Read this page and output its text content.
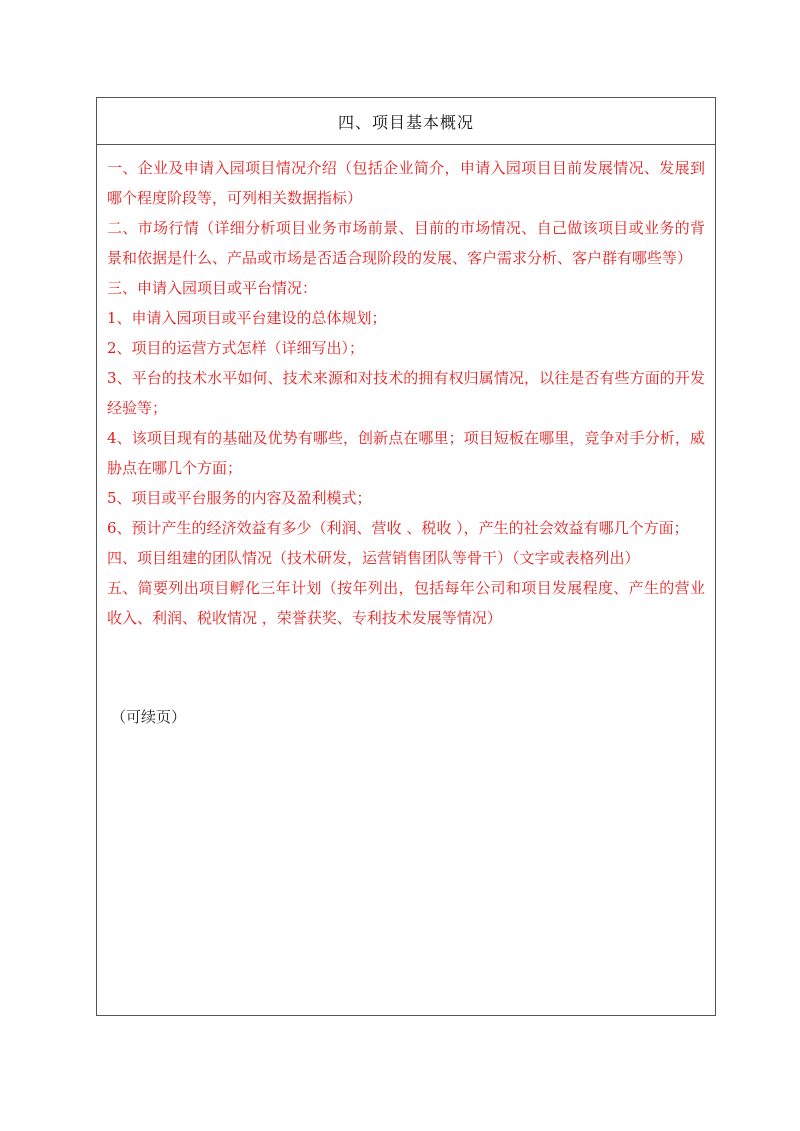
四、项目基本概况

一、企业及申请入园项目情况介绍（包括企业简介，申请入园项目目前发展情况、发展到哪个程度阶段等，可列相关数据指标）

二、市场行情（详细分析项目业务市场前景、目前的市场情况、自己做该项目或业务的背景和依据是什么、产品或市场是否适合现阶段的发展、客户需求分析、客户群有哪些等）

三、申请入园项目或平台情况：

1、申请入园项目或平台建设的总体规划；

2、项目的运营方式怎样（详细写出）；

3、平台的技术水平如何、技术来源和对技术的拥有权归属情况，以往是否有些方面的开发经验等；

4、该项目现有的基础及优势有哪些，创新点在哪里；项目短板在哪里，竞争对手分析，威胁点在哪几个方面；

5、项目或平台服务的内容及盈利模式；

6、预计产生的经济效益有多少（利润、营收 、税收 ），产生的社会效益有哪几个方面；

四、项目组建的团队情况（技术研发，运营销售团队等骨干）（文字或表格列出）

五、简要列出项目孵化三年计划（按年列出，包括每年公司和项目发展程度、产生的营业收入、利润、税收情况 ，荣誉获奖、专利技术发展等情况）

（可续页）
